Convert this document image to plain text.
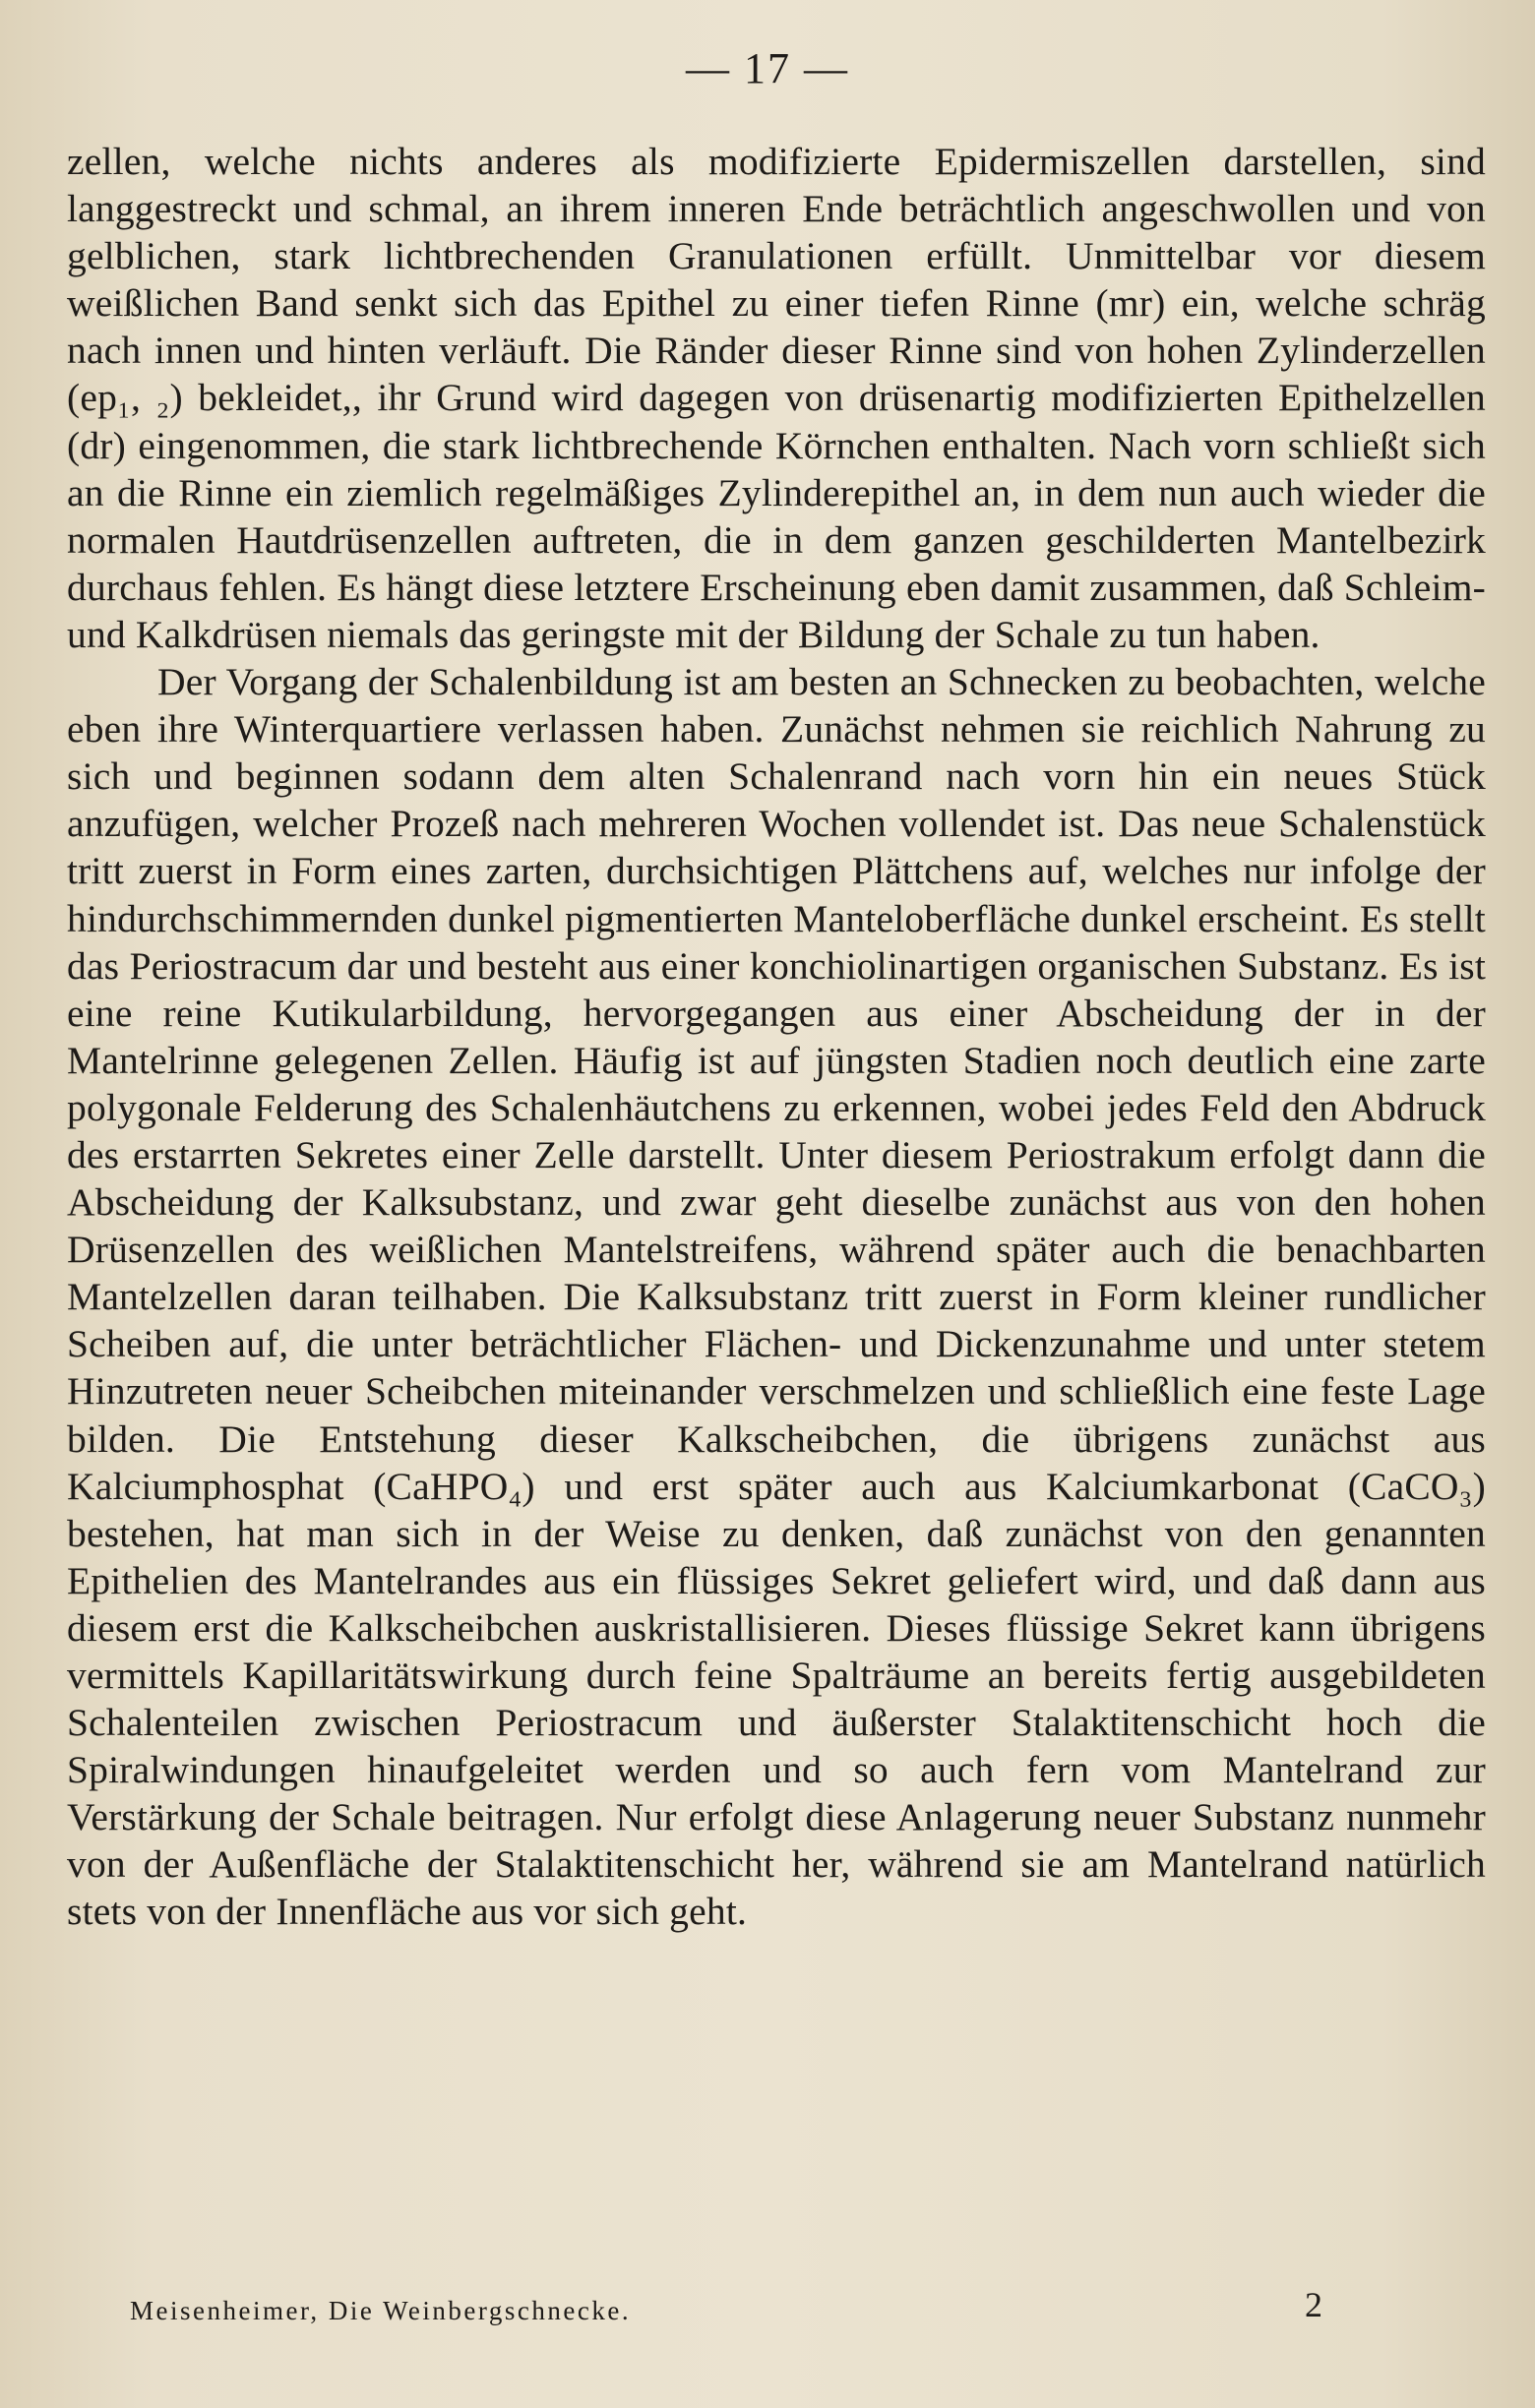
— 17 —

zellen, welche nichts anderes als modifizierte Epidermiszellen darstellen, sind langgestreckt und schmal, an ihrem inneren Ende beträchtlich angeschwollen und von gelblichen, stark lichtbrechenden Granulationen erfüllt. Unmittelbar vor diesem weißlichen Band senkt sich das Epithel zu einer tiefen Rinne (mr) ein, welche schräg nach innen und hinten verläuft. Die Ränder dieser Rinne sind von hohen Zylinderzellen (ep₁, ₂) bekleidet,, ihr Grund wird dagegen von drüsenartig modifizierten Epithelzellen (dr) eingenommen, die stark lichtbrechende Körnchen enthalten. Nach vorn schließt sich an die Rinne ein ziemlich regelmäßiges Zylinderepithel an, in dem nun auch wieder die normalen Hautdrüsenzellen auftreten, die in dem ganzen geschilderten Mantelbezirk durchaus fehlen. Es hängt diese letztere Erscheinung eben damit zusammen, daß Schleim- und Kalkdrüsen niemals das geringste mit der Bildung der Schale zu tun haben.

Der Vorgang der Schalenbildung ist am besten an Schnecken zu beobachten, welche eben ihre Winterquartiere verlassen haben. Zunächst nehmen sie reichlich Nahrung zu sich und beginnen sodann dem alten Schalenrand nach vorn hin ein neues Stück anzufügen, welcher Prozeß nach mehreren Wochen vollendet ist. Das neue Schalenstück tritt zuerst in Form eines zarten, durchsichtigen Plättchens auf, welches nur infolge der hindurchschimmernden dunkel pigmentierten Manteloberfläche dunkel erscheint. Es stellt das Periostracum dar und besteht aus einer konchiolinartigen organischen Substanz. Es ist eine reine Kutikularbildung, hervorgegangen aus einer Abscheidung der in der Mantelrinne gelegenen Zellen. Häufig ist auf jüngsten Stadien noch deutlich eine zarte polygonale Felderung des Schalenhäutchens zu erkennen, wobei jedes Feld den Abdruck des erstarrten Sekretes einer Zelle darstellt. Unter diesem Periostrakum erfolgt dann die Abscheidung der Kalksubstanz, und zwar geht dieselbe zunächst aus von den hohen Drüsenzellen des weißlichen Mantelstreifens, während später auch die benachbarten Mantelzellen daran teilhaben. Die Kalksubstanz tritt zuerst in Form kleiner rundlicher Scheiben auf, die unter beträchtlicher Flächen- und Dickenzunahme und unter stetem Hinzutreten neuer Scheibchen miteinander verschmelzen und schließlich eine feste Lage bilden. Die Entstehung dieser Kalkscheibchen, die übrigens zunächst aus Kalciumphosphat (CaHPO₄) und erst später auch aus Kalciumkarbonat (CaCO₃) bestehen, hat man sich in der Weise zu denken, daß zunächst von den genannten Epithelien des Mantelrandes aus ein flüssiges Sekret geliefert wird, und daß dann aus diesem erst die Kalkscheibchen auskristallisieren. Dieses flüssige Sekret kann übrigens vermittels Kapillaritätswirkung durch feine Spalträume an bereits fertig ausgebildeten Schalenteilen zwischen Periostracum und äußerster Stalaktitenschicht hoch die Spiralwindungen hinaufgeleitet werden und so auch fern vom Mantelrand zur Verstärkung der Schale beitragen. Nur erfolgt diese Anlagerung neuer Substanz nunmehr von der Außenfläche der Stalaktitenschicht her, während sie am Mantelrand natürlich stets von der Innenfläche aus vor sich geht.

Meisenheimer, Die Weinbergschnecke.	2
